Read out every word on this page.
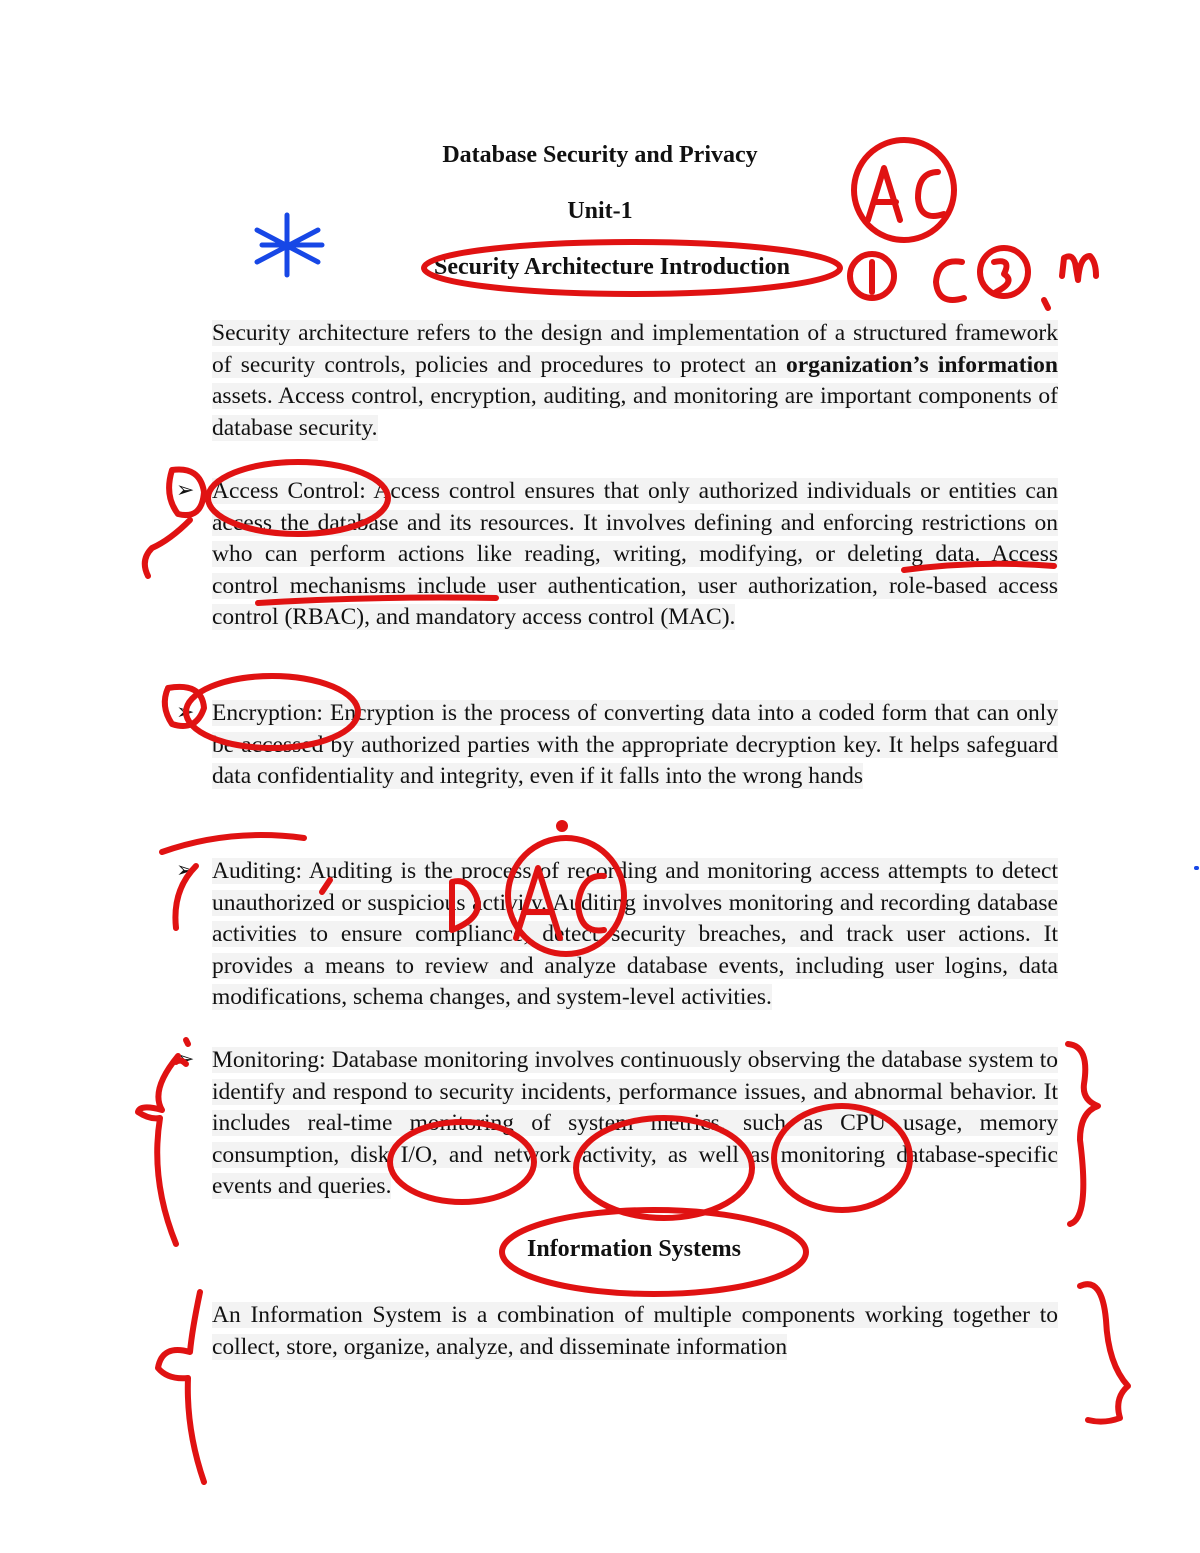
Database Security and Privacy
Unit-1
Security Architecture Introduction

Security architecture refers to the design and implementation of a structured framework of security controls, policies and procedures to protect an organization’s information assets. Access control, encryption, auditing, and monitoring are important components of database security.

➢ Access Control: Access control ensures that only authorized individuals or entities can access the database and its resources. It involves defining and enforcing restrictions on who can perform actions like reading, writing, modifying, or deleting data. Access control mechanisms include user authentication, user authorization, role-based access control (RBAC), and mandatory access control (MAC).

➢ Encryption: Encryption is the process of converting data into a coded form that can only be accessed by authorized parties with the appropriate decryption key. It helps safeguard data confidentiality and integrity, even if it falls into the wrong hands

➢ Auditing: Auditing is the process of recording and monitoring access attempts to detect unauthorized or suspicious activity. Auditing involves monitoring and recording database activities to ensure compliance, detect security breaches, and track user actions. It provides a means to review and analyze database events, including user logins, data modifications, schema changes, and system-level activities.

➢ Monitoring: Database monitoring involves continuously observing the database system to identify and respond to security incidents, performance issues, and abnormal behavior. It includes real-time monitoring of system metrics, such as CPU usage, memory consumption, disk I/O, and network activity, as well as monitoring database-specific events and queries.

Information Systems

An Information System is a combination of multiple components working together to collect, store, organize, analyze, and disseminate information
